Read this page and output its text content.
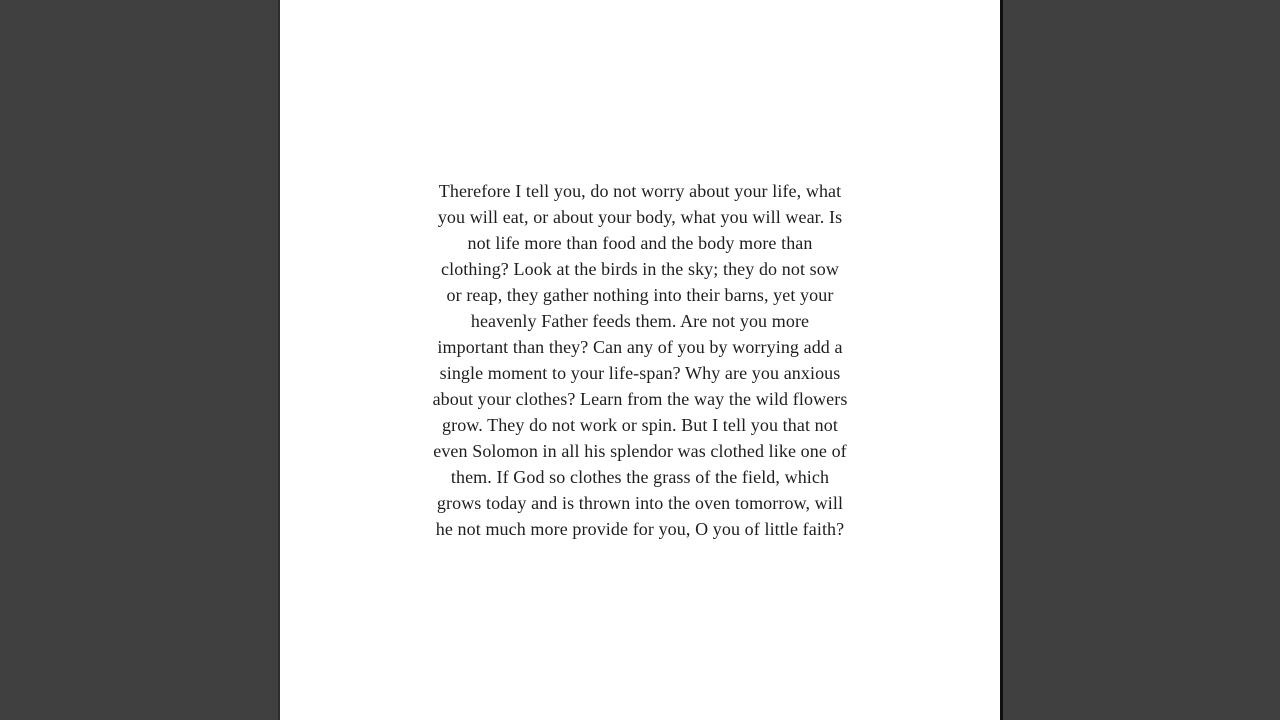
Therefore I tell you, do not worry about your life, what
you will eat, or about your body, what you will wear. Is
not life more than food and the body more than
clothing? Look at the birds in the sky; they do not sow
or reap, they gather nothing into their barns, yet your
heavenly Father feeds them. Are not you more
important than they? Can any of you by worrying add a
single moment to your life-span? Why are you anxious
about your clothes? Learn from the way the wild flowers
grow. They do not work or spin. But I tell you that not
even Solomon in all his splendor was clothed like one of
them. If God so clothes the grass of the field, which
grows today and is thrown into the oven tomorrow, will
he not much more provide for you, O you of little faith?
